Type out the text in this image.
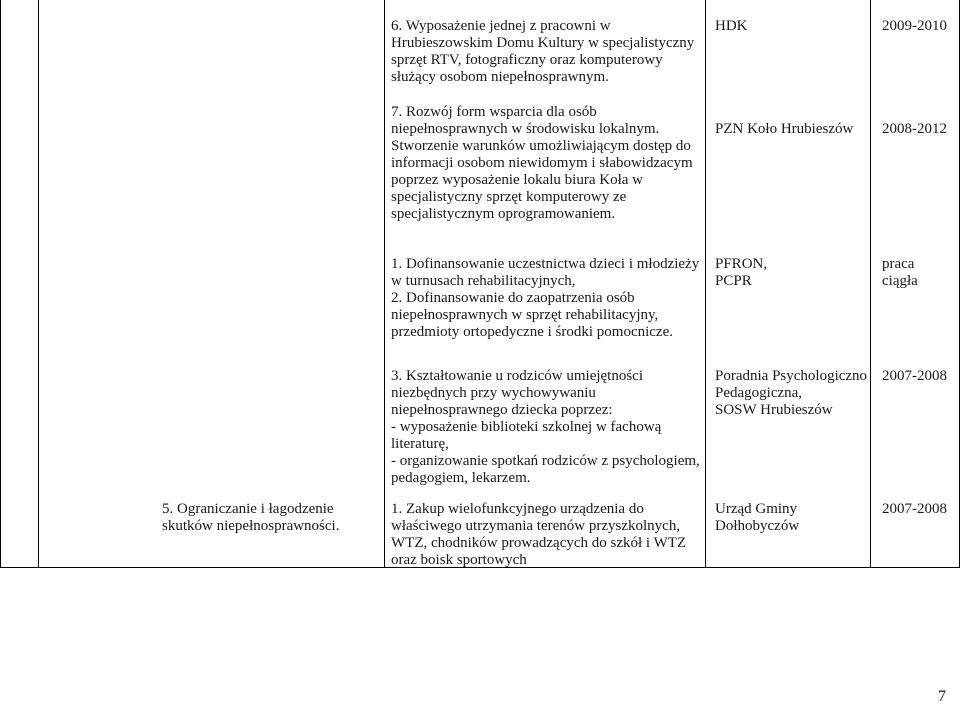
6. Wyposażenie jednej z pracowni w
Hrubieszowskim Domu Kultury w specjalistyczny
sprzęt RTV, fotograficzny oraz komputerowy
służący osobom niepełnosprawnym.

HDK	2009-2010

7. Rozwój form wsparcia dla osób
niepełnosprawnych w środowisku lokalnym.
Stworzenie warunków umożliwiającym dostęp do
informacji osobom niewidomym i słabowidzacym
poprzez wyposażenie lokalu biura Koła w
specjalistyczny sprzęt komputerowy ze
specjalistycznym oprogramowaniem.

PZN Koło Hrubieszów	2008-2012

1. Dofinansowanie uczestnictwa dzieci i młodzieży
w turnusach rehabilitacyjnych,
2. Dofinansowanie do zaopatrzenia osób
niepełnosprawnych w sprzęt rehabilitacyjny,
przedmioty ortopedyczne i środki pomocnicze.

PFRON,
PCPR

praca
ciągła

3. Kształtowanie u rodziców umiejętności
niezbędnych przy wychowywaniu
niepełnosprawnego dziecka poprzez:
- wyposażenie biblioteki szkolnej w fachową
literaturę,
- organizowanie spotkań rodziców z psychologiem,
pedagogiem, lekarzem.

Poradnia Psychologiczno
Pedagogiczna,
SOSW Hrubieszów

2007-2008

5. Ograniczanie i łagodzenie
skutków niepełnosprawności.

1. Zakup wielofunkcyjnego urządzenia do
właściwego utrzymania terenów przyszkolnych,
WTZ, chodników prowadzących do szkół i WTZ
oraz boisk sportowych

Urząd Gminy
Dołhobyczów

2007-2008

7
